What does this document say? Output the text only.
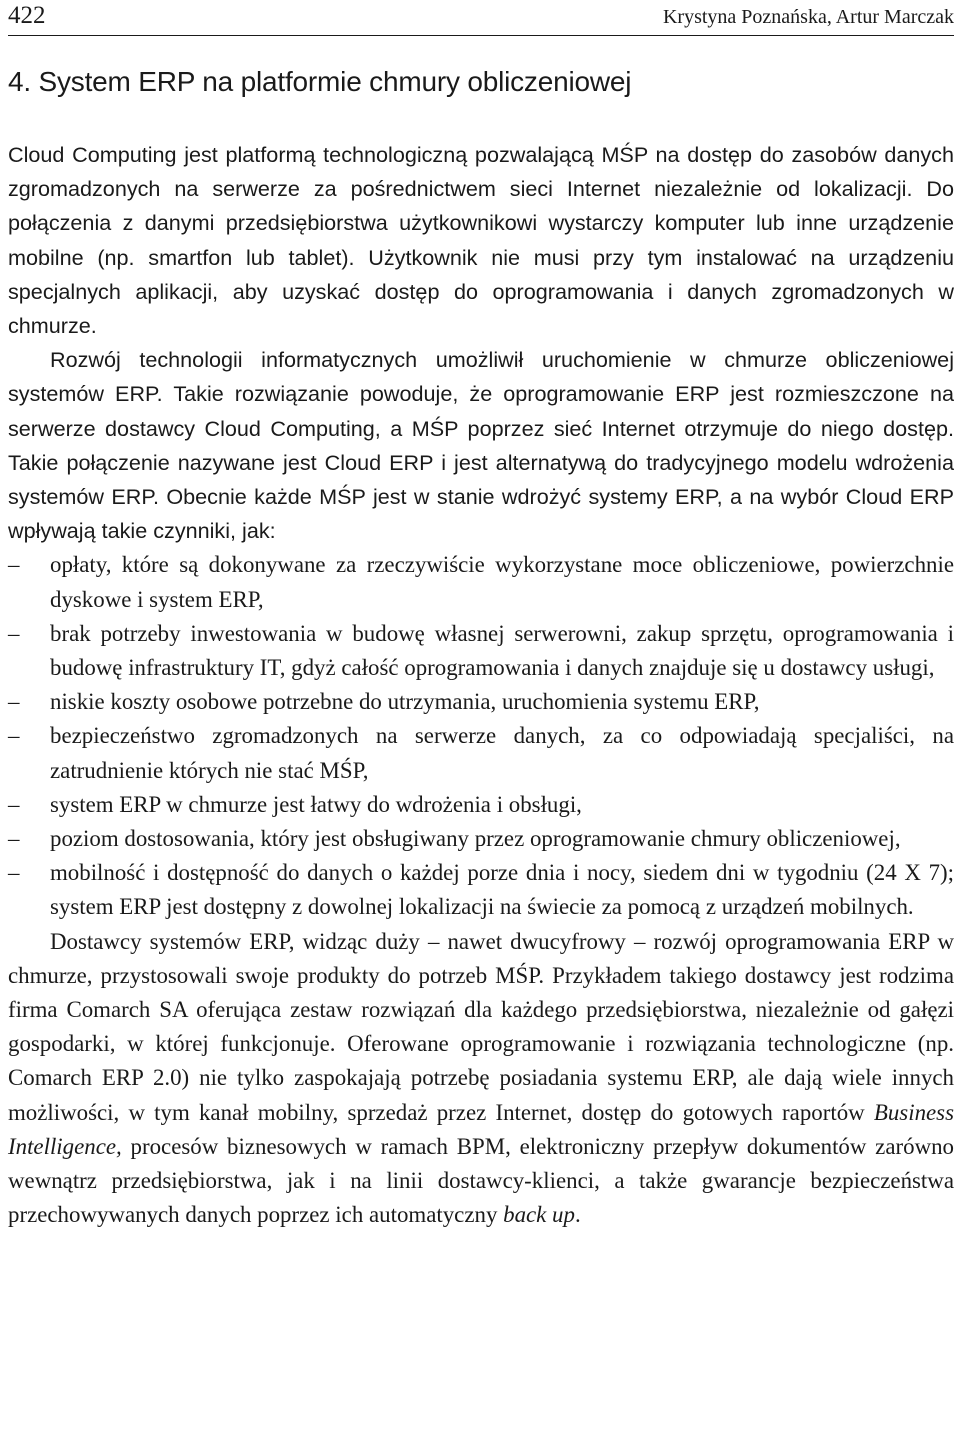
422	Krystyna Poznańska, Artur Marczak
4. System ERP na platformie chmury obliczeniowej

Cloud Computing jest platformą technologiczną pozwalającą MŚP na dostęp do zasobów danych zgromadzonych na serwerze za pośrednictwem sieci Internet niezależnie od lokalizacji. Do połączenia z danymi przedsiębiorstwa użytkownikowi wystarczy komputer lub inne urządzenie mobilne (np. smartfon lub tablet). Użytkownik nie musi przy tym instalować na urządzeniu specjalnych aplikacji, aby uzyskać dostęp do oprogramowania i danych zgromadzonych w chmurze.

Rozwój technologii informatycznych umożliwił uruchomienie w chmurze obliczeniowej systemów ERP. Takie rozwiązanie powoduje, że oprogramowanie ERP jest rozmieszczone na serwerze dostawcy Cloud Computing, a MŚP poprzez sieć Internet otrzymuje do niego dostęp. Takie połączenie nazywane jest Cloud ERP i jest alternatywą do tradycyjnego modelu wdrożenia systemów ERP. Obecnie każde MŚP jest w stanie wdrożyć systemy ERP, a na wybór Cloud ERP wpływają takie czynniki, jak:

– opłaty, które są dokonywane za rzeczywiście wykorzystane moce obliczeniowe, powierzchnie dyskowe i system ERP,
– brak potrzeby inwestowania w budowę własnej serwerowni, zakup sprzętu, oprogramowania i budowę infrastruktury IT, gdyż całość oprogramowania i danych znajduje się u dostawcy usługi,
– niskie koszty osobowe potrzebne do utrzymania, uruchomienia systemu ERP,
– bezpieczeństwo zgromadzonych na serwerze danych, za co odpowiadają specjaliści, na zatrudnienie których nie stać MŚP,
– system ERP w chmurze jest łatwy do wdrożenia i obsługi,
– poziom dostosowania, który jest obsługiwany przez oprogramowanie chmury obliczeniowej,
– mobilność i dostępność do danych o każdej porze dnia i nocy, siedem dni w tygodniu (24 X 7); system ERP jest dostępny z dowolnej lokalizacji na świecie za pomocą z urządzeń mobilnych.

Dostawcy systemów ERP, widząc duży – nawet dwucyfrowy – rozwój oprogramowania ERP w chmurze, przystosowali swoje produkty do potrzeb MŚP. Przykładem takiego dostawcy jest rodzima firma Comarch SA oferująca zestaw rozwiązań dla każdego przedsiębiorstwa, niezależnie od gałęzi gospodarki, w której funkcjonuje. Oferowane oprogramowanie i rozwiązania technologiczne (np. Comarch ERP 2.0) nie tylko zaspokajają potrzebę posiadania systemu ERP, ale dają wiele innych możliwości, w tym kanał mobilny, sprzedaż przez Internet, dostęp do gotowych raportów Business Intelligence, procesów biznesowych w ramach BPM, elektroniczny przepływ dokumentów zarówno wewnątrz przedsiębiorstwa, jak i na linii dostawcy-klienci, a także gwarancje bezpieczeństwa przechowywanych danych poprzez ich automatyczny back up.
